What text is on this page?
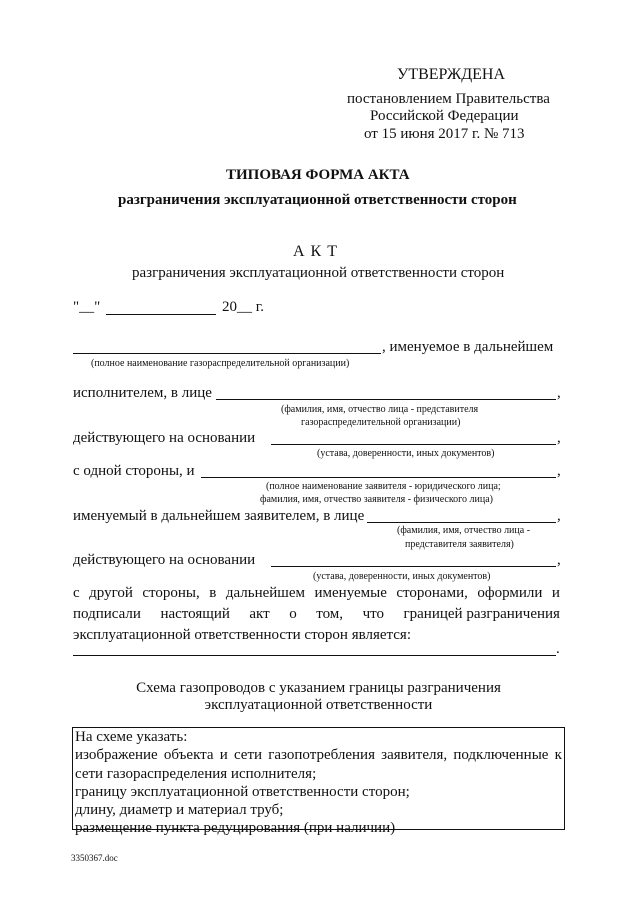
УТВЕРЖДЕНА
постановлением Правительства
Российской Федерации
от 15 июня 2017 г. № 713
ТИПОВАЯ ФОРМА АКТА
разграничения эксплуатационной ответственности сторон
А К Т
разграничения эксплуатационной ответственности сторон
"__"	20__ г.
, именуемое в дальнейшем
(полное наименование газораспределительной организации)
исполнителем, в лице	,
(фамилия, имя, отчество лица - представителя
газораспределительной организации)
действующего на основании	,
(устава, доверенности, иных документов)
с одной стороны, и	,
(полное наименование заявителя - юридического лица;
фамилия, имя, отчество заявителя - физического лица)
именуемый в дальнейшем заявителем, в лице	,
(фамилия, имя, отчество лица -
представителя заявителя)
действующего на основании	,
(устава, доверенности, иных документов)
с другой стороны, в дальнейшем именуемые сторонами, оформили и
подписали настоящий акт о том, что границей разграничения
эксплуатационной ответственности сторон является:
.
Схема газопроводов с указанием границы разграничения
эксплуатационной ответственности
На схеме указать:
изображение объекта и сети газопотребления заявителя, подключенные к
сети газораспределения исполнителя;
границу эксплуатационной ответственности сторон;
длину, диаметр и материал труб;
размещение пункта редуцирования (при наличии)
3350367.doc
